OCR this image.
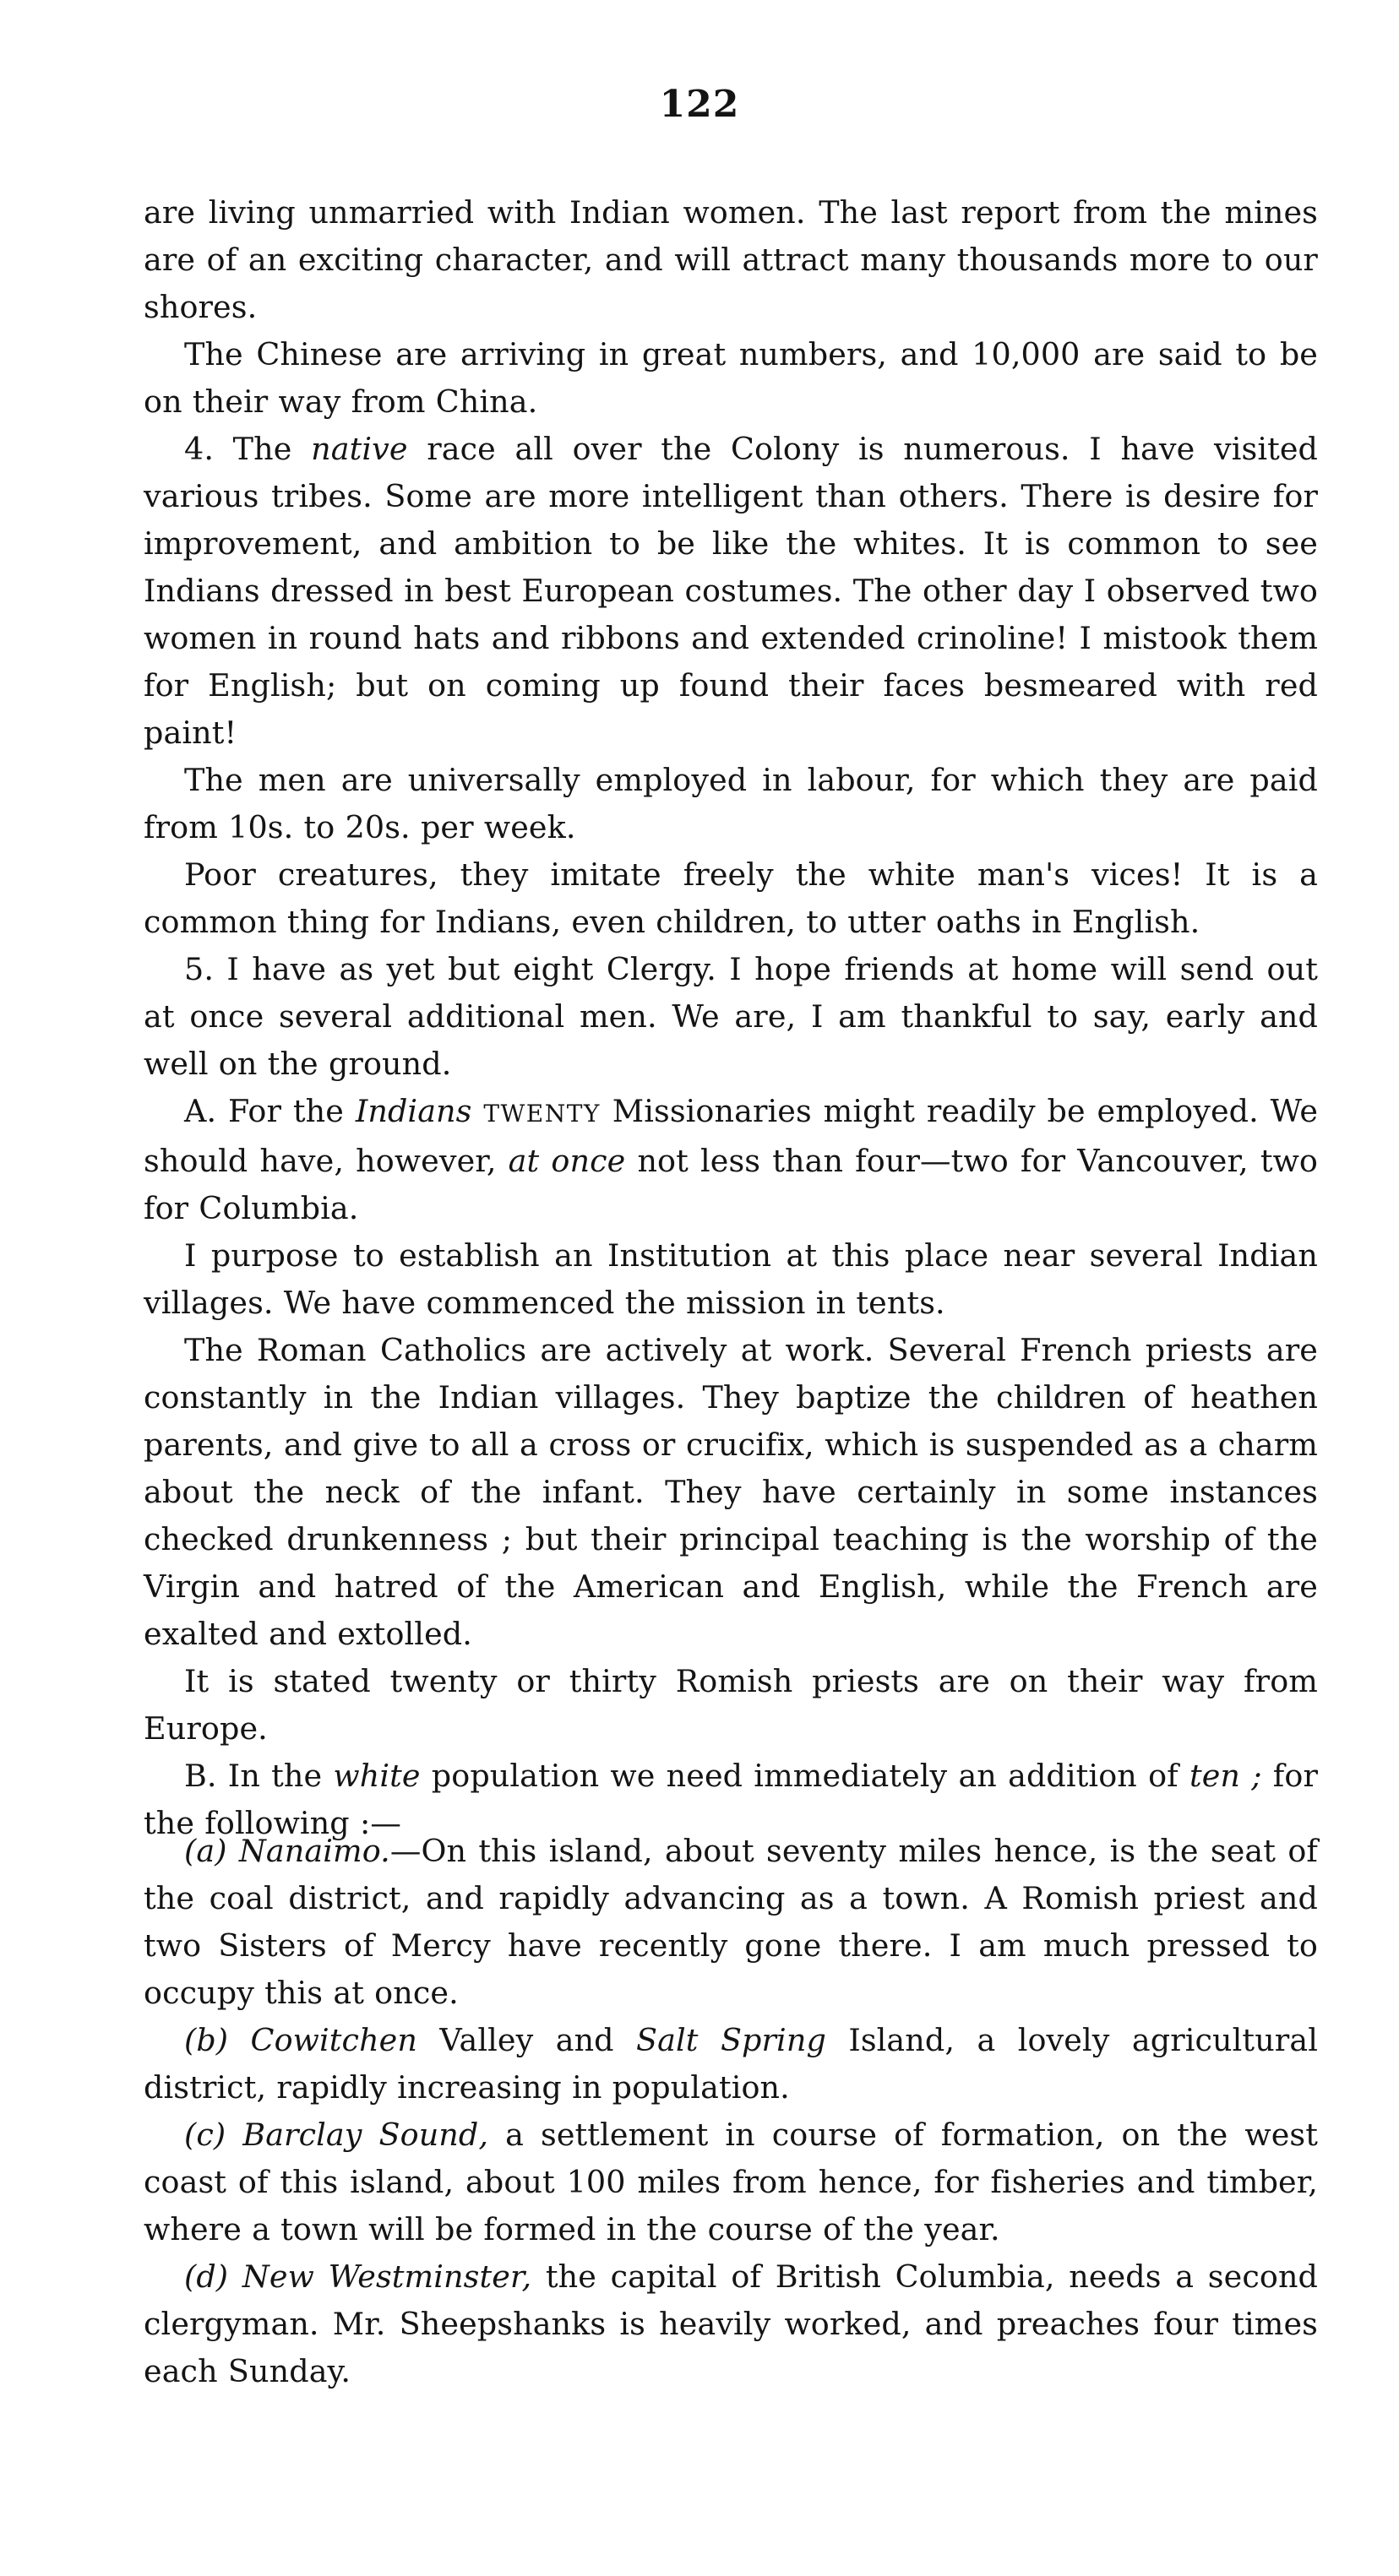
122

are living unmarried with Indian women. The last report from the mines are of an exciting character, and will attract many thousands more to our shores.

The Chinese are arriving in great numbers, and 10,000 are said to be on their way from China.

4. The native race all over the Colony is numerous. I have visited various tribes. Some are more intelligent than others. There is desire for improvement, and ambition to be like the whites. It is common to see Indians dressed in best European costumes. The other day I observed two women in round hats and ribbons and extended crinoline! I mistook them for English; but on coming up found their faces besmeared with red paint!

The men are universally employed in labour, for which they are paid from 10s. to 20s. per week.

Poor creatures, they imitate freely the white man's vices! It is a common thing for Indians, even children, to utter oaths in English.

5. I have as yet but eight Clergy. I hope friends at home will send out at once several additional men. We are, I am thankful to say, early and well on the ground.

A. For the Indians TWENTY Missionaries might readily be employed. We should have, however, at once not less than four—two for Vancouver, two for Columbia.

I purpose to establish an Institution at this place near several Indian villages. We have commenced the mission in tents.

The Roman Catholics are actively at work. Several French priests are constantly in the Indian villages. They baptize the children of heathen parents, and give to all a cross or crucifix, which is suspended as a charm about the neck of the infant. They have certainly in some instances checked drunkenness ; but their principal teaching is the worship of the Virgin and hatred of the American and English, while the French are exalted and extolled.

It is stated twenty or thirty Romish priests are on their way from Europe.

B. In the white population we need immediately an addition of ten ; for the following :—

(a) Nanaimo.—On this island, about seventy miles hence, is the seat of the coal district, and rapidly advancing as a town. A Romish priest and two Sisters of Mercy have recently gone there. I am much pressed to occupy this at once.

(b) Cowitchen Valley and Salt Spring Island, a lovely agricultural district, rapidly increasing in population.

(c) Barclay Sound, a settlement in course of formation, on the west coast of this island, about 100 miles from hence, for fisheries and timber, where a town will be formed in the course of the year.

(d) New Westminster, the capital of British Columbia, needs a second clergyman. Mr. Sheepshanks is heavily worked, and preaches four times each Sunday.
